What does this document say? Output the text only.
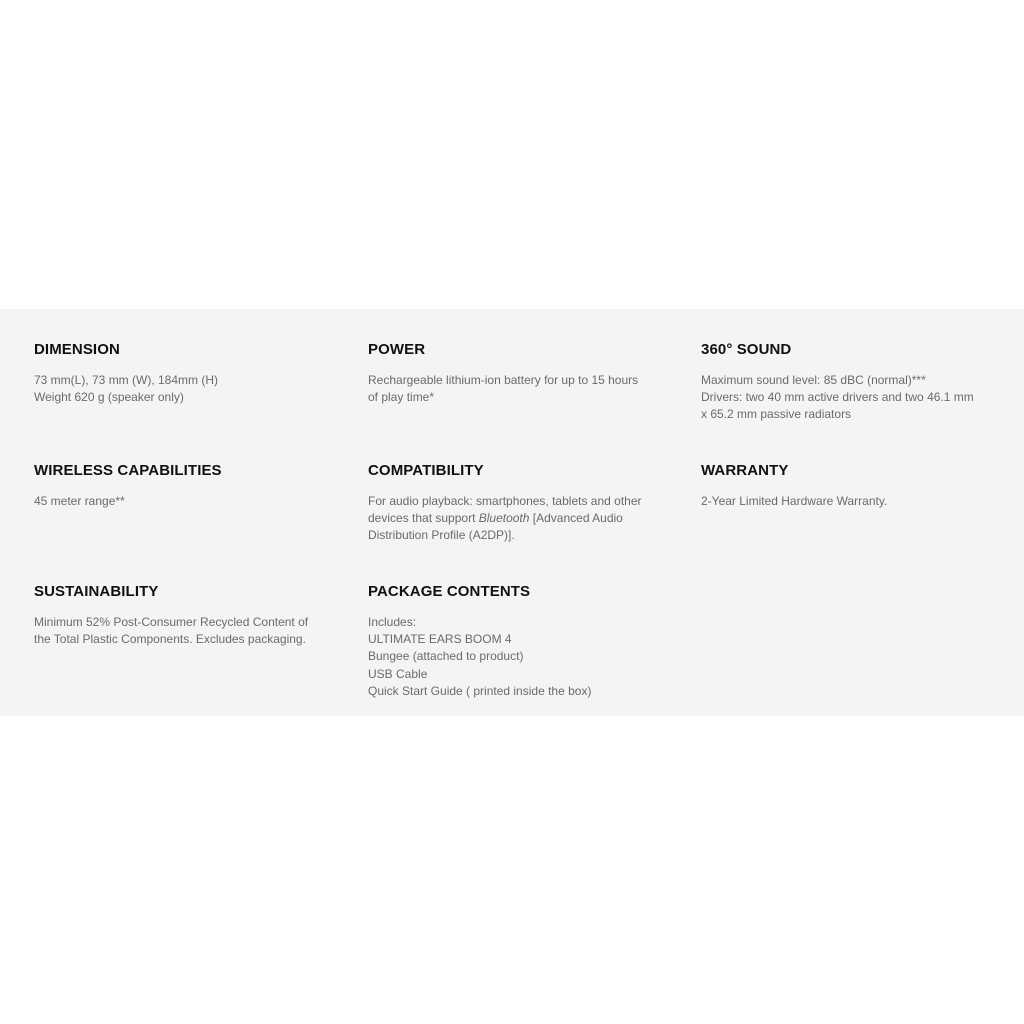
DIMENSION
73 mm(L), 73 mm (W), 184mm (H)
Weight 620 g (speaker only)
POWER
Rechargeable lithium-ion battery for up to 15 hours
of play time*
360° SOUND
Maximum sound level: 85 dBC (normal)***
Drivers: two 40 mm active drivers and two 46.1 mm
x 65.2 mm passive radiators
WIRELESS CAPABILITIES
45 meter range**
COMPATIBILITY
For audio playback: smartphones, tablets and other
devices that support Bluetooth [Advanced Audio
Distribution Profile (A2DP)].
WARRANTY
2-Year Limited Hardware Warranty.
SUSTAINABILITY
Minimum 52% Post-Consumer Recycled Content of
the Total Plastic Components. Excludes packaging.
PACKAGE CONTENTS
Includes:
ULTIMATE EARS BOOM 4
Bungee (attached to product)
USB Cable
Quick Start Guide ( printed inside the box)
